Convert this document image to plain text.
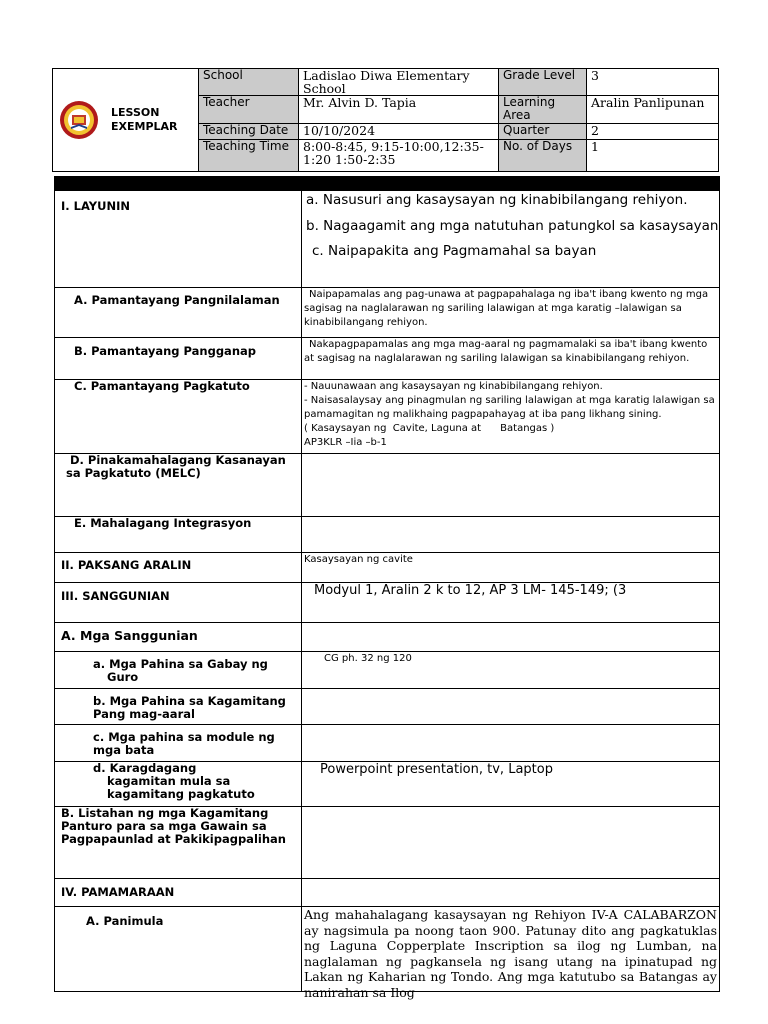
LESSON
EXEMPLAR	School	Ladislao Diwa Elementary School	Grade Level	3
	Teacher	Mr. Alvin D. Tapia	Learning Area	Aralin Panlipunan
	Teaching Date	10/10/2024	Quarter	2
	Teaching Time	8:00-8:45, 9:15-10:00,12:35-1:20 1:50-2:35	No. of Days	1

I. LAYUNIN	a. Nasusuri ang kasaysayan ng kinabibilangang rehiyon.
b. Nagaagamit ang mga natutuhan patungkol sa kasaysayan
c. Naipapakita ang Pagmamahal sa bayan

A. Pamantayang Pangnilalaman	Naipapamalas ang pag-unawa at pagpapahalaga ng iba't ibang kwento ng mga sagisag na naglalarawan ng sariling lalawigan at mga karatig –lalawigan sa kinabibilangang rehiyon.
B. Pamantayang Pangganap	Nakapagpapamalas ang mga mag-aaral ng pagmamalaki sa iba't ibang kwento at sagisag na naglalarawan ng sariling lalawigan sa kinabibilangang rehiyon.
C. Pamantayang Pagkatuto	- Nauunawaan ang kasaysayan ng kinabibilangang rehiyon.
- Naisasalaysay ang pinagmulan ng sariling lalawigan at mga karatig lalawigan sa pamamagitan ng malikhaing pagpapahayag at iba pang likhang sining.
( Kasaysayan ng  Cavite, Laguna at      Batangas )
AP3KLR –Iia –b-1

D. Pinakamahalagang Kasanayan sa Pagkatuto (MELC)	
E. Mahalagang Integrasyon	
II. PAKSANG ARALIN	Kasaysayan ng cavite
III. SANGGUNIAN	Modyul 1, Aralin 2 k to 12, AP 3 LM- 145-149; (3
A. Mga Sanggunian	
a. Mga Pahina sa Gabay ng Guro	CG ph. 32 ng 120
b. Mga Pahina sa Kagamitang Pang mag-aaral	
c. Mga pahina sa module ng mga bata	
d. Karagdagang kagamitan mula sa kagamitang pagkatuto	Powerpoint presentation, tv, Laptop
B. Listahan ng mga Kagamitang Panturo para sa mga Gawain sa Pagpapaunlad at Pakikipagpalihan	
IV. PAMAMARAAN	
A. Panimula	Ang mahahalagang kasaysayan ng Rehiyon IV-A CALABARZON ay nagsimula pa noong taon 900. Patunay dito ang pagkatuklas ng Laguna Copperplate Inscription sa ilog ng Lumban, na naglalaman ng pagkansela ng isang utang na ipinatupad ng Lakan ng Kaharian ng Tondo. Ang mga katutubo sa Batangas ay nanirahan sa Ilog
